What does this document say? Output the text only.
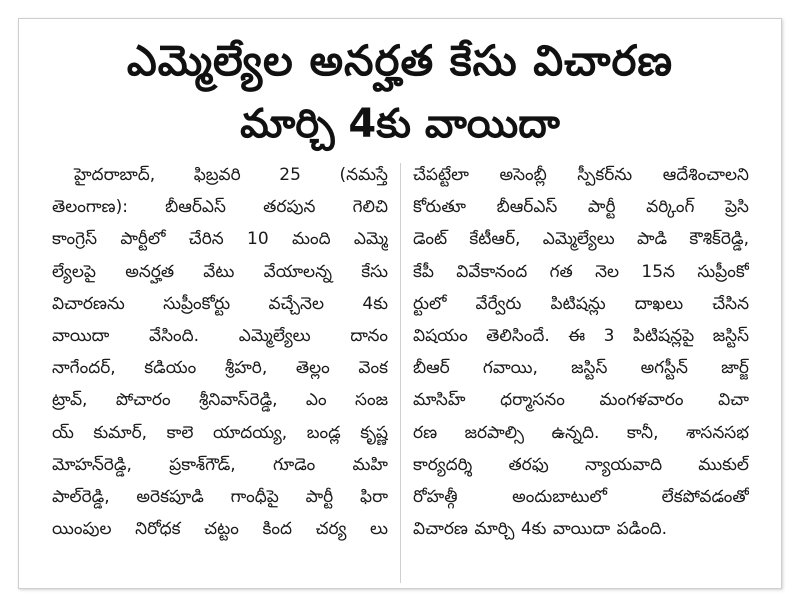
ఎమ్మెల్యేల అనర్హత కేసు విచారణ
మార్చి 4కు వాయిదా
హైదరాబాద్, ఫిబ్రవరి 25 (నమస్తే
తెలంగాణ): బీఆర్ఎస్ తరపున గెలిచి
కాంగ్రెస్ పార్టీలో చేరిన 10 మంది ఎమ్మె
ల్యేలపై అనర్హత వేటు వేయాలన్న కేసు
విచారణను సుప్రీంకోర్టు వచ్చేనెల 4కు
వాయిదా వేసింది. ఎమ్మెల్యేలు దానం
నాగేందర్, కడియం శ్రీహరి, తెల్లం వెంక
ట్రావ్, పోచారం శ్రీనివాస్‌రెడ్డి, ఎం సంజ
య్ కుమార్, కాలె యాదయ్య, బండ్ల కృష్ణ
మోహన్‌రెడ్డి, ప్రకాశ్‌గౌడ్, గూడెం మహి
పాల్‌రెడ్డి, అరెకపూడి గాంధీపై పార్టీ ఫిరా
యింపుల నిరోధక చట్టం కింద చర్య లు
చేపట్టేలా అసెంబ్లీ స్పీకర్‌ను ఆదేశించాలని
కోరుతూ బీఆర్ఎస్ పార్టీ వర్కింగ్ ప్రెసి
డెంట్ కేటీఆర్, ఎమ్మెల్యేలు పాడి కౌశిక్‌రెడ్డి,
కేపీ వివేకానంద గత నెల 15న సుప్రీంకో
ర్టులో వేర్వేరు పిటిషన్లు దాఖలు చేసిన
విషయం తెలిసిందే. ఈ 3 పిటిషన్లపై జస్టిస్
బీఆర్ గవాయి, జస్టిస్ అగస్టీన్ జార్జ్
మాసిహ్ ధర్మాసనం మంగళవారం విచా
రణ జరపాల్సి ఉన్నది. కానీ, శాసనసభ
కార్యదర్శి తరఫు న్యాయవాది ముకుల్
రోహత్గీ అందుబాటులో లేకపోవడంతో
విచారణ మార్చి 4కు వాయిదా పడింది.
